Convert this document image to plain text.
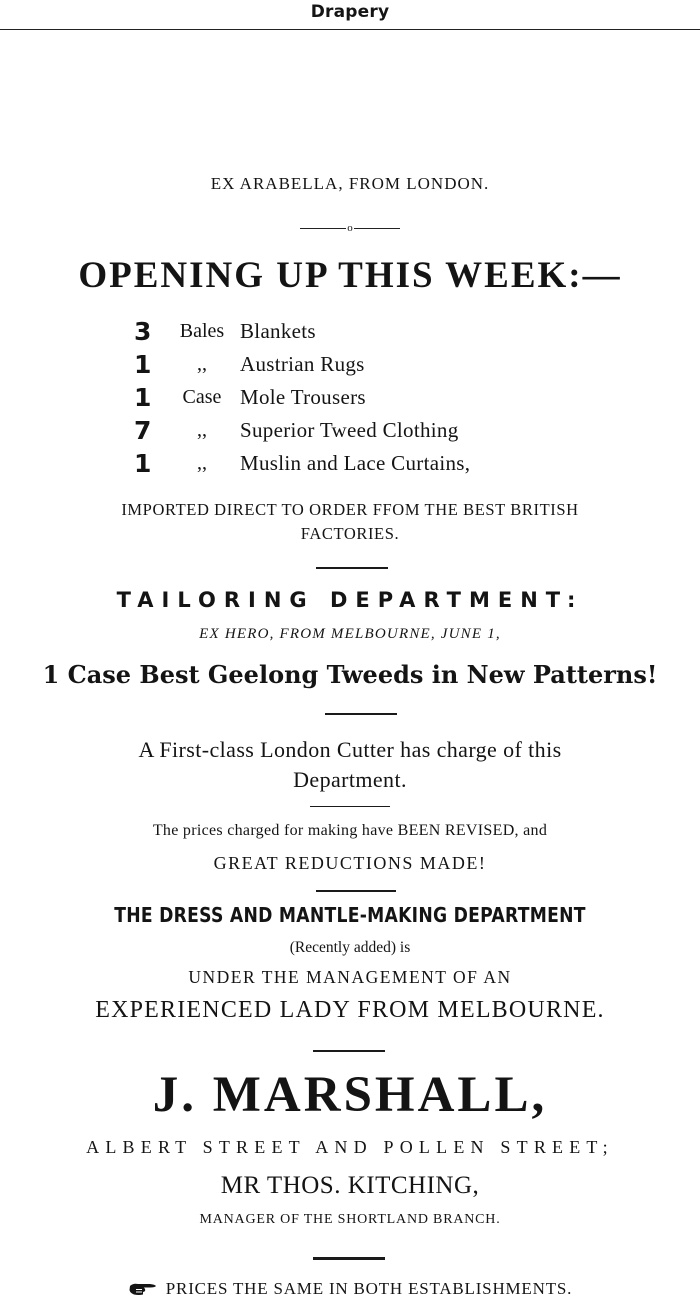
Drapery
EX ARABELLA, FROM LONDON.
o
OPENING UP THIS WEEK:—
3	Bales Blankets
1	,,	Austrian Rugs
1	Case Mole Trousers
7	,,	Superior Tweed Clothing
1	,,	Muslin and Lace Curtains,
IMPORTED DIRECT TO ORDER FFOM THE BEST BRITISH
FACTORIES.
TAILORING DEPARTMENT:
EX HERO, FROM MELBOURNE, JUNE 1,
1 Case Best Geelong Tweeds in New Patterns!
A First-class London Cutter has charge of this
Department.
The prices charged for making have BEEN REVISED, and
GREAT REDUCTIONS MADE!
THE DRESS AND MANTLE-MAKING DEPARTMENT
(Recently added) is
UNDER THE MANAGEMENT OF AN
EXPERIENCED LADY FROM MELBOURNE.
J. MARSHALL,
ALBERT STREET AND POLLEN STREET;
MR THOS. KITCHING,
MANAGER OF THE SHORTLAND BRANCH.
PRICES THE SAME IN BOTH ESTABLISHMENTS.
